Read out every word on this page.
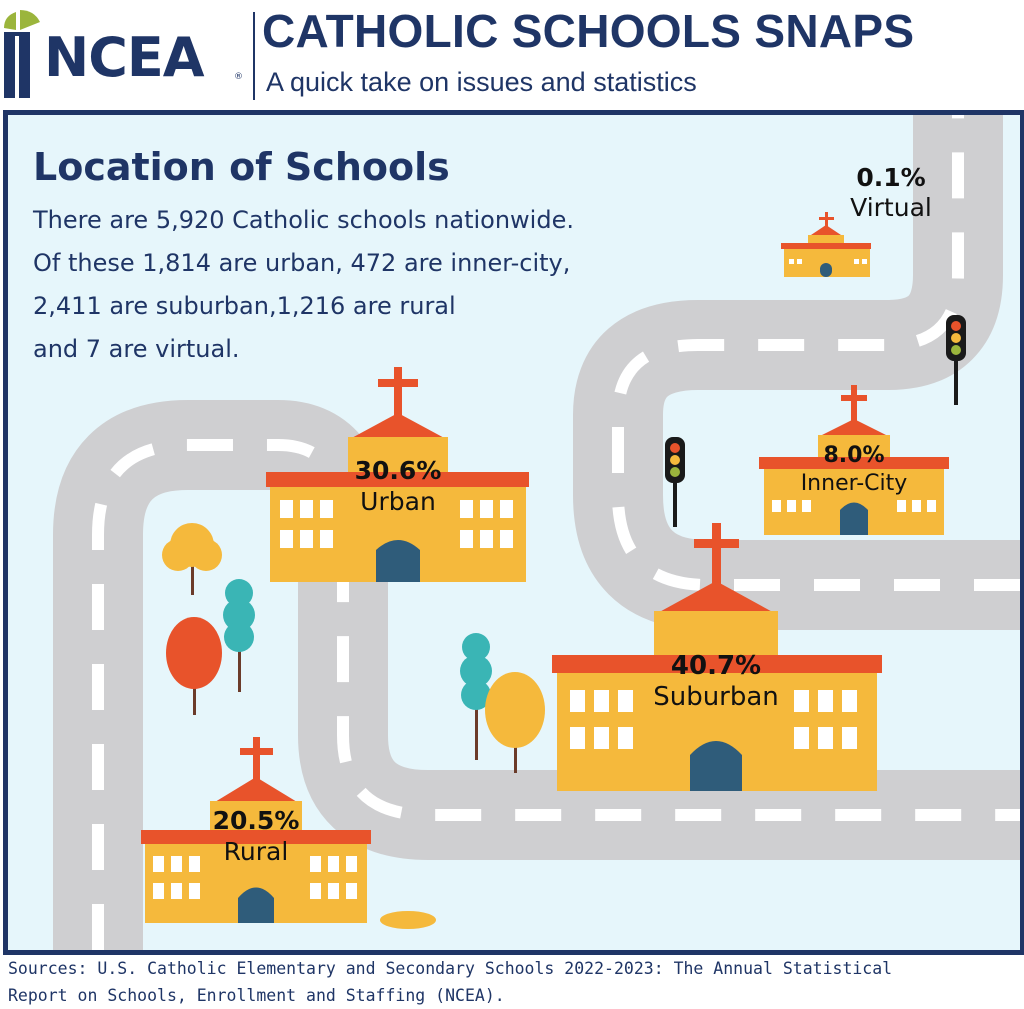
NCEA	®
CATHOLIC SCHOOLS SNAPS
A quick take on issues and statistics
Location of Schools
There are 5,920 Catholic schools nationwide.
Of these 1,814 are urban, 472 are inner-city,
2,411 are suburban,1,216 are rural
and 7 are virtual.
0.1%
Virtual
30.6%
Urban
8.0%
Inner-City
40.7%
Suburban
20.5%
Rural
Sources: U.S. Catholic Elementary and Secondary Schools 2022-2023: The Annual Statistical
Report on Schools, Enrollment and Staffing (NCEA).
